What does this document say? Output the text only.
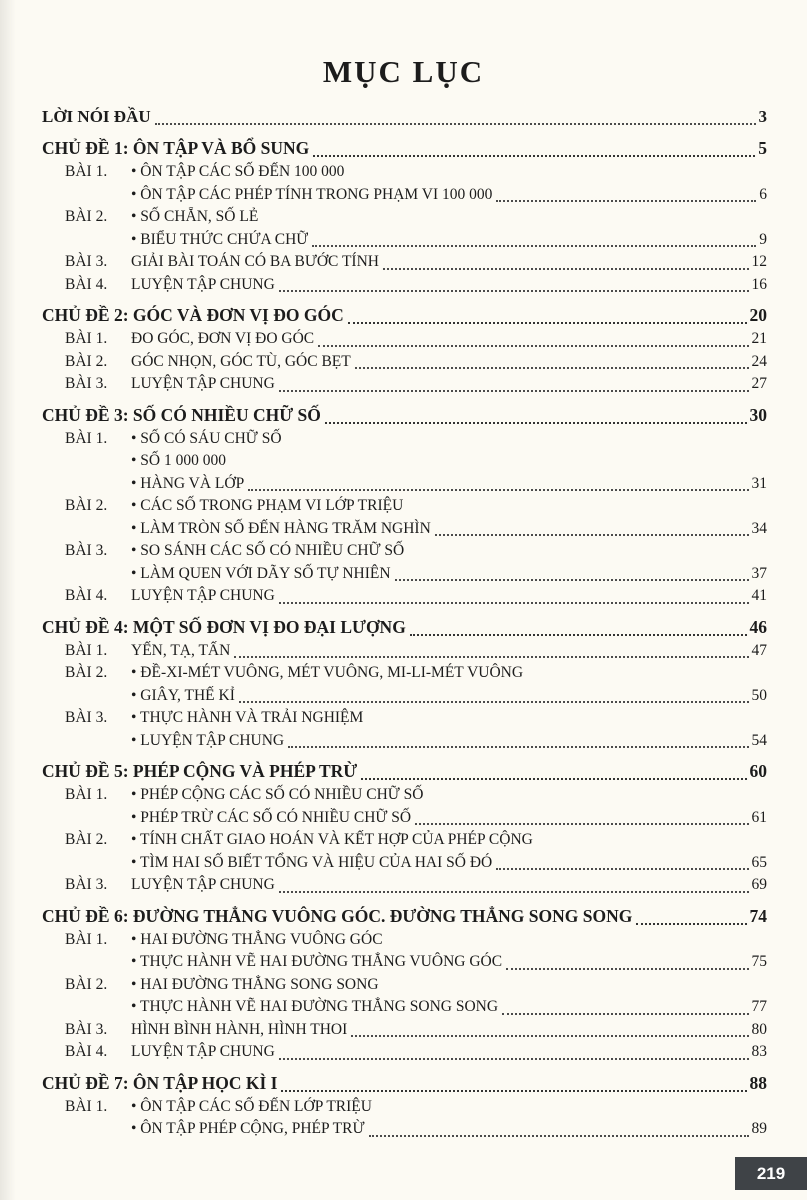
MỤC LỤC
LỜI NÓI ĐẦU	3
CHỦ ĐỀ 1: ÔN TẬP VÀ BỔ SUNG	5
BÀI 1.	• ÔN TẬP CÁC SỐ ĐẾN 100 000
• ÔN TẬP CÁC PHÉP TÍNH TRONG PHẠM VI 100 000	6
BÀI 2.	• SỐ CHẴN, SỐ LẺ
• BIỂU THỨC CHỨA CHỮ	9
BÀI 3.	GIẢI BÀI TOÁN CÓ BA BƯỚC TÍNH	12
BÀI 4.	LUYỆN TẬP CHUNG	16
CHỦ ĐỀ 2: GÓC VÀ ĐƠN VỊ ĐO GÓC	20
BÀI 1.	ĐO GÓC, ĐƠN VỊ ĐO GÓC	21
BÀI 2.	GÓC NHỌN, GÓC TÙ, GÓC BẸT	24
BÀI 3.	LUYỆN TẬP CHUNG	27
CHỦ ĐỀ 3: SỐ CÓ NHIỀU CHỮ SỐ	30
BÀI 1.	• SỐ CÓ SÁU CHỮ SỐ
• SỐ 1 000 000
• HÀNG VÀ LỚP	31
BÀI 2.	• CÁC SỐ TRONG PHẠM VI LỚP TRIỆU
• LÀM TRÒN SỐ ĐẾN HÀNG TRĂM NGHÌN	34
BÀI 3.	• SO SÁNH CÁC SỐ CÓ NHIỀU CHỮ SỐ
• LÀM QUEN VỚI DÃY SỐ TỰ NHIÊN	37
BÀI 4.	LUYỆN TẬP CHUNG	41
CHỦ ĐỀ 4: MỘT SỐ ĐƠN VỊ ĐO ĐẠI LƯỢNG	46
BÀI 1.	YẾN, TẠ, TẤN	47
BÀI 2.	• ĐỀ-XI-MÉT VUÔNG, MÉT VUÔNG, MI-LI-MÉT VUÔNG
• GIÂY, THẾ KỈ	50
BÀI 3.	• THỰC HÀNH VÀ TRẢI NGHIỆM
• LUYỆN TẬP CHUNG	54
CHỦ ĐỀ 5: PHÉP CỘNG VÀ PHÉP TRỪ	60
BÀI 1.	• PHÉP CỘNG CÁC SỐ CÓ NHIỀU CHỮ SỐ
• PHÉP TRỪ CÁC SỐ CÓ NHIỀU CHỮ SỐ	61
BÀI 2.	• TÍNH CHẤT GIAO HOÁN VÀ KẾT HỢP CỦA PHÉP CỘNG
• TÌM HAI SỐ BIẾT TỔNG VÀ HIỆU CỦA HAI SỐ ĐÓ	65
BÀI 3.	LUYỆN TẬP CHUNG	69
CHỦ ĐỀ 6: ĐƯỜNG THẲNG VUÔNG GÓC. ĐƯỜNG THẲNG SONG SONG	74
BÀI 1.	• HAI ĐƯỜNG THẲNG VUÔNG GÓC
• THỰC HÀNH VẼ HAI ĐƯỜNG THẲNG VUÔNG GÓC	75
BÀI 2.	• HAI ĐƯỜNG THẲNG SONG SONG
• THỰC HÀNH VẼ HAI ĐƯỜNG THẲNG SONG SONG	77
BÀI 3.	HÌNH BÌNH HÀNH, HÌNH THOI	80
BÀI 4.	LUYỆN TẬP CHUNG	83
CHỦ ĐỀ 7: ÔN TẬP HỌC KÌ I	88
BÀI 1.	• ÔN TẬP CÁC SỐ ĐẾN LỚP TRIỆU
• ÔN TẬP PHÉP CỘNG, PHÉP TRỪ	89
219
